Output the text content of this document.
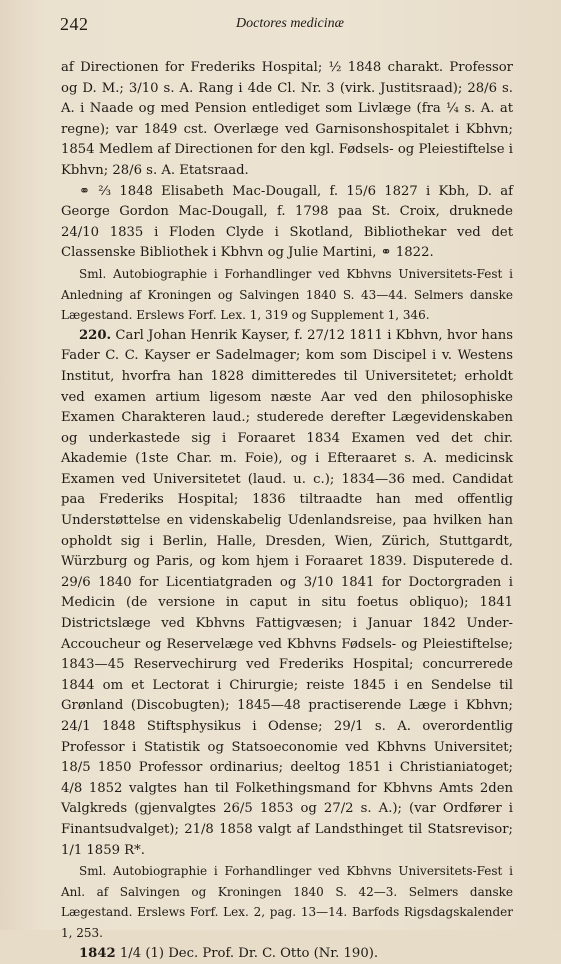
242	Doctores medicinæ

af Directionen for Frederiks Hospital; ½ 1848 charakt. Professor og D. M.; 3/10 s. A. Rang i 4de Cl. Nr. 3 (virk. Justitsraad); 28/6 s. A. i Naade og med Pension entlediget som Livlæge (fra ¼ s. A. at regne); var 1849 cst. Overlæge ved Garnisonshospitalet i Kbhvn; 1854 Medlem af Directionen for den kgl. Fødsels- og Pleiestiftelse i Kbhvn; 28/6 s. A. Etatsraad.

⚭ ⅔ 1848 Elisabeth Mac-Dougall, f. 15/6 1827 i Kbh, D. af George Gordon Mac-Dougall, f. 1798 paa St. Croix, druknede 24/10 1835 i Floden Clyde i Skotland, Bibliothekar ved det Classenske Bibliothek i Kbhvn og Julie Martini, ⚭ 1822.

Sml. Autobiographie i Forhandlinger ved Kbhvns Universitets-Fest i Anledning af Kroningen og Salvingen 1840 S. 43—44. Selmers danske Lægestand. Erslews Forf. Lex. 1, 319 og Supplement 1, 346.

220. Carl Johan Henrik Kayser, f. 27/12 1811 i Kbhvn, hvor hans Fader C. C. Kayser er Sadelmager; kom som Discipel i v. Westens Institut, hvorfra han 1828 dimitteredes til Universitetet; erholdt ved examen artium ligesom næste Aar ved den philosophiske Examen Charakteren laud.; studerede derefter Lægevidenskaben og underkastede sig i Foraaret 1834 Examen ved det chir. Akademie (1ste Char. m. Foie), og i Efteraaret s. A. medicinsk Examen ved Universitetet (laud. u. c.); 1834—36 med. Candidat paa Frederiks Hospital; 1836 tiltraadte han med offentlig Understøttelse en videnskabelig Udenlandsreise, paa hvilken han opholdt sig i Berlin, Halle, Dresden, Wien, Zürich, Stuttgardt, Würzburg og Paris, og kom hjem i Foraaret 1839. Disputerede d. 29/6 1840 for Licentiatgraden og 3/10 1841 for Doctorgraden i Medicin (de versione in caput in situ foetus obliquo); 1841 Districtslæge ved Kbhvns Fattigvæsen; i Januar 1842 Under-Accoucheur og Reservelæge ved Kbhvns Fødsels- og Pleiestiftelse; 1843—45 Reservechirurg ved Frederiks Hospital; concurrerede 1844 om et Lectorat i Chirurgie; reiste 1845 i en Sendelse til Grønland (Discobugten); 1845—48 practiserende Læge i Kbhvn; 24/1 1848 Stiftsphysikus i Odense; 29/1 s. A. overordentlig Professor i Statistik og Statsoeconomie ved Kbhvns Universitet; 18/5 1850 Professor ordinarius; deeltog 1851 i Christianiatoget; 4/8 1852 valgtes han til Folkethingsmand for Kbhvns Amts 2den Valgkreds (gjenvalgtes 26/5 1853 og 27/2 s. A.); (var Ordfører i Finantsudvalget); 21/8 1858 valgt af Landsthinget til Statsrevisor; 1/1 1859 R*.

Sml. Autobiographie i Forhandlinger ved Kbhvns Universitets-Fest i Anl. af Salvingen og Kroningen 1840 S. 42—3. Selmers danske Lægestand. Erslews Forf. Lex. 2, pag. 13—14. Barfods Rigsdagskalender 1, 253.

1842 1/4 (1) Dec. Prof. Dr. C. Otto (Nr. 190).
